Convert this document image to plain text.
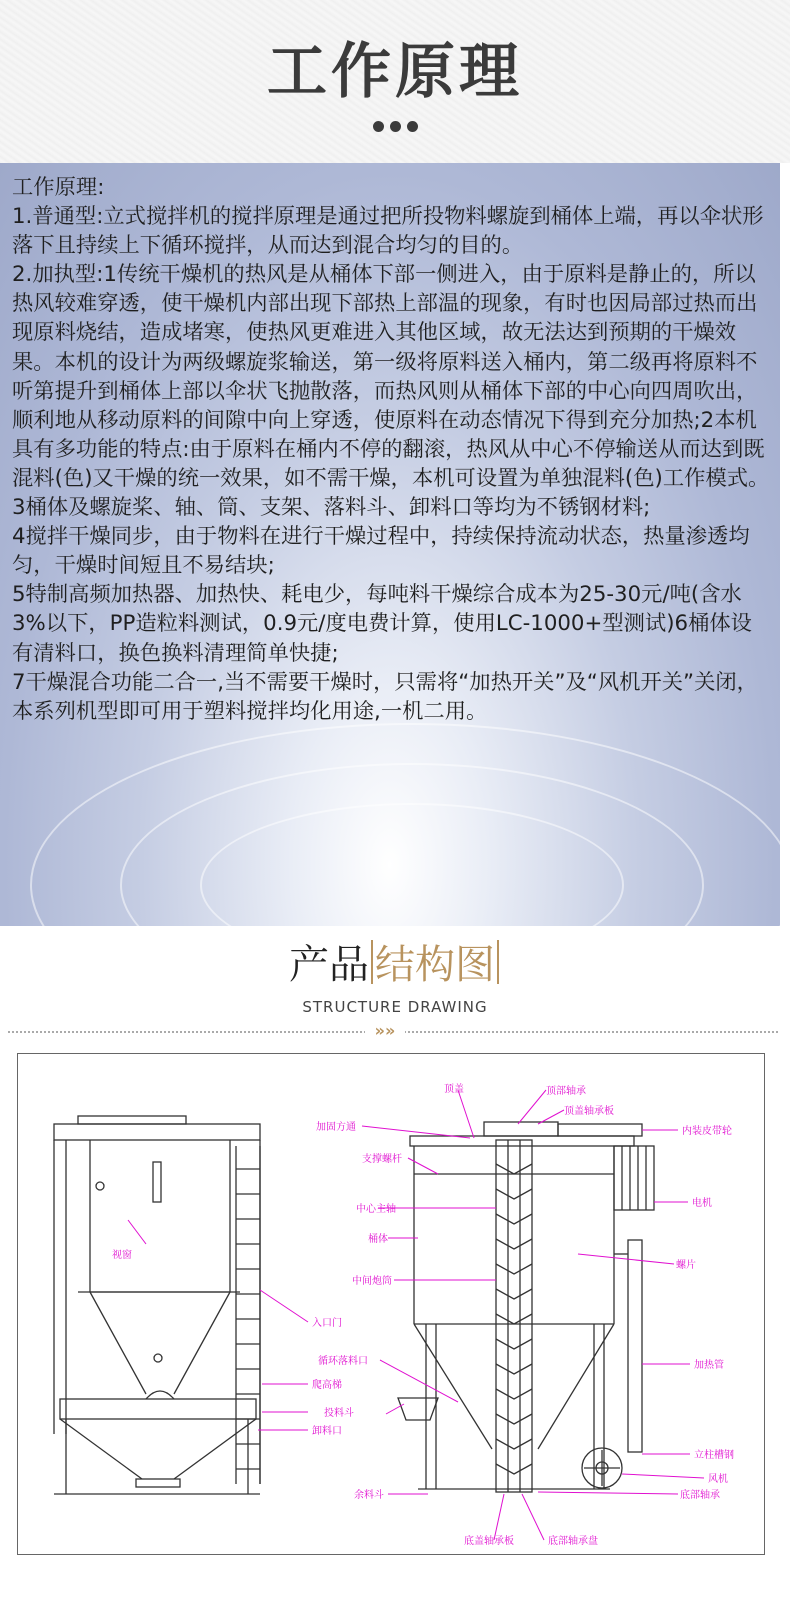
工作原理

工作原理:

1.普通型:立式搅拌机的搅拌原理是通过把所投物料螺旋到桶体上端，再以伞状形落下且持续上下循环搅拌，从而达到混合均匀的目的。

2.加执型:1传统干燥机的热风是从桶体下部一侧进入，由于原料是静止的，所以热风较难穿透，使干燥机内部出现下部热上部温的现象，有时也因局部过热而出现原料烧结，造成堵寒，使热风更难进入其他区域，故无法达到预期的干燥效果。本机的设计为两级螺旋浆输送，第一级将原料送入桶内，第二级再将原料不听第提升到桶体上部以伞状飞抛散落，而热风则从桶体下部的中心向四周吹出，顺利地从移动原料的间隙中向上穿透，使原料在动态情况下得到充分加热;2本机具有多功能的特点:由于原料在桶内不停的翻滚，热风从中心不停输送从而达到既混料(色)又干燥的统一效果，如不需干燥，本机可设置为单独混料(色)工作模式。

3桶体及螺旋桨、轴、筒、支架、落料斗、卸料口等均为不锈钢材料;

4搅拌干燥同步，由于物料在进行干燥过程中，持续保持流动状态，热量渗透均匀，干燥时间短且不易结块;

5特制高频加热器、加热快、耗电少，每吨料干燥综合成本为25-30元/吨(含水3%以下，PP造粒料测试，0.9元/度电费计算，使用LC-1000+型测试)6桶体设有清料口，换色换料清理简单快捷;

7干燥混合功能二合一,当不需要干燥时，只需将“加热开关”及“风机开关”关闭，本系列机型即可用于塑料搅拌均化用途,一机二用。

产品 结构图
STRUCTURE DRAWING
»»
视窗
入口门
爬高梯
投料斗
卸料口
加固方通
支撑螺杆
中心主轴
桶体
中间炮筒
循环落料口
余料斗
顶盖	顶部轴承
顶盖轴承板
内装皮带轮
电机
螺片
加热管
立柱槽钢
风机
底部轴承
底盖轴承板	底部轴承盘
